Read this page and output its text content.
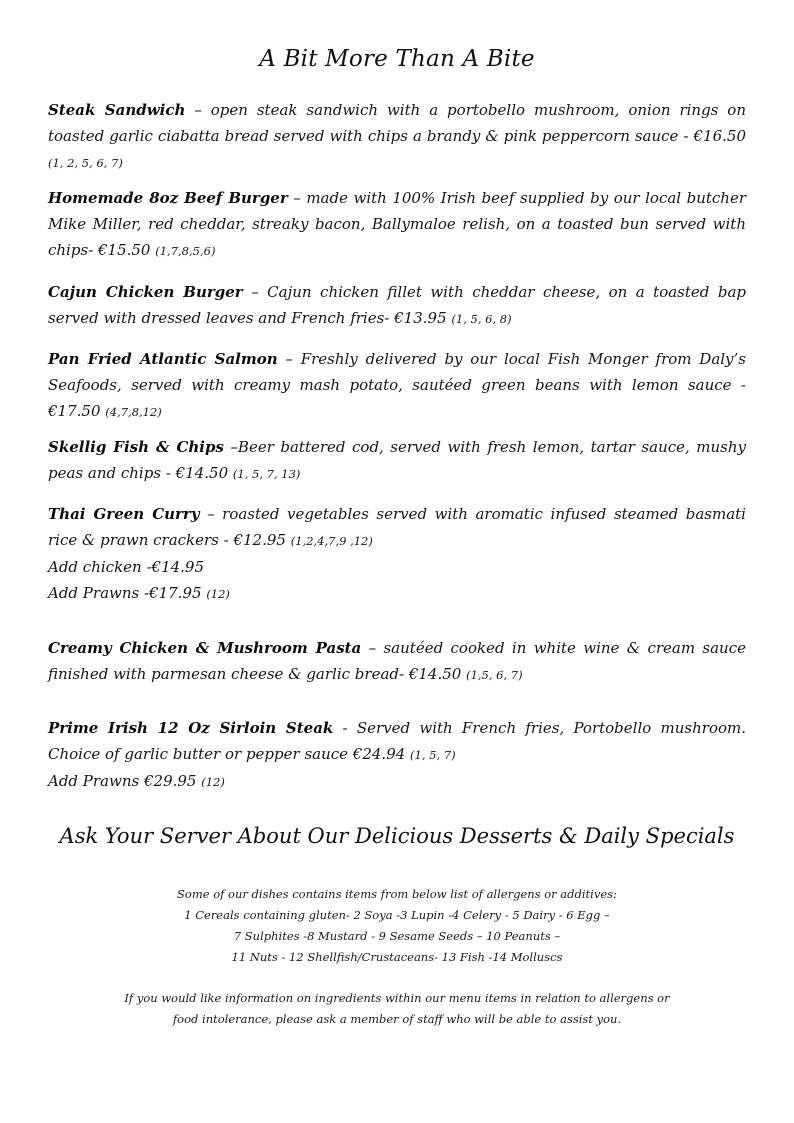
A Bit More Than A Bite
Steak Sandwich – open steak sandwich with a portobello mushroom, onion rings on toasted garlic ciabatta bread served with chips a brandy & pink peppercorn sauce - €16.50 (1, 2, 5, 6, 7)
Homemade 8oz Beef Burger – made with 100% Irish beef supplied by our local butcher Mike Miller, red cheddar, streaky bacon, Ballymaloe relish, on a toasted bun served with chips- €15.50 (1,7,8,5,6)
Cajun Chicken Burger – Cajun chicken fillet with cheddar cheese, on a toasted bap served with dressed leaves and French fries- €13.95 (1, 5, 6, 8)
Pan Fried Atlantic Salmon – Freshly delivered by our local Fish Monger from Daly’s Seafoods, served with creamy mash potato, sautéed green beans with lemon sauce - €17.50 (4,7,8,12)
Skellig Fish & Chips –Beer battered cod, served with fresh lemon, tartar sauce, mushy peas and chips - €14.50 (1, 5, 7, 13)
Thai Green Curry – roasted vegetables served with aromatic infused steamed basmati rice & prawn crackers - €12.95 (1,2,4,7,9 ,12)
Add chicken -€14.95
Add Prawns -€17.95 (12)
Creamy Chicken & Mushroom Pasta – sautéed cooked in white wine & cream sauce finished with parmesan cheese & garlic bread- €14.50 (1,5, 6, 7)
Prime Irish 12 Oz Sirloin Steak - Served with French fries, Portobello mushroom. Choice of garlic butter or pepper sauce €24.94 (1, 5, 7)
Add Prawns €29.95 (12)
Ask Your Server About Our Delicious Desserts & Daily Specials
Some of our dishes contains items from below list of allergens or additives:
1 Cereals containing gluten- 2 Soya -3 Lupin -4 Celery - 5 Dairy - 6 Egg –
7 Sulphites -8 Mustard - 9 Sesame Seeds – 10 Peanuts –
11 Nuts - 12 Shellfish/Crustaceans- 13 Fish -14 Molluscs
If you would like information on ingredients within our menu items in relation to allergens or
food intolerance, please ask a member of staff who will be able to assist you.
